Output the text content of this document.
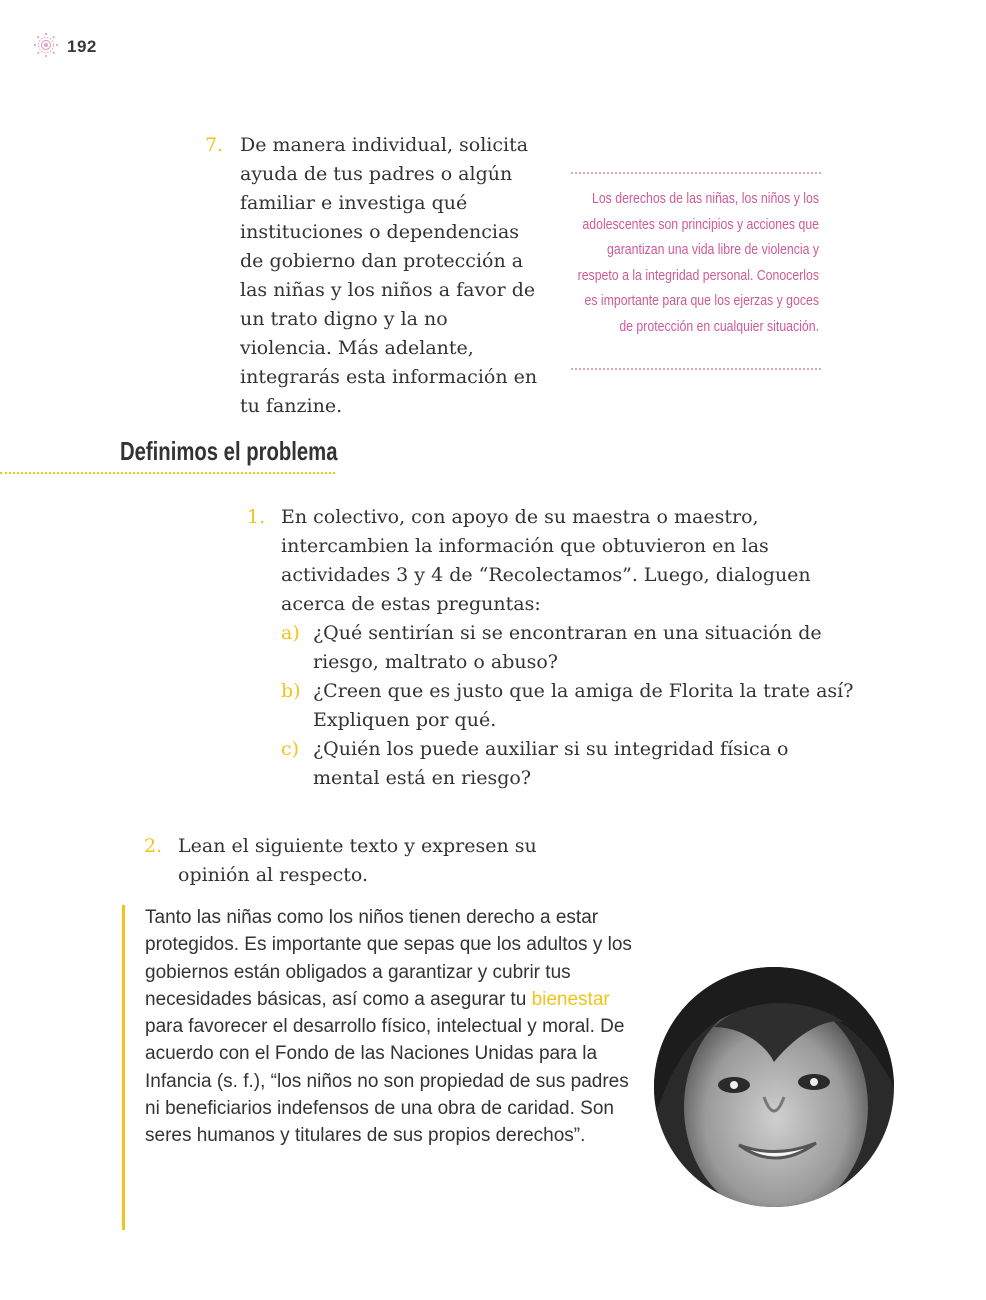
192
7. De manera individual, solicita ayuda de tus padres o algún familiar e investiga qué instituciones o dependencias de gobierno dan protección a las niñas y los niños a favor de un trato digno y la no violencia. Más adelante, integrarás esta información en tu fanzine.

Los derechos de las niñas, los niños y los adolescentes son principios y acciones que garantizan una vida libre de violencia y respeto a la integridad personal. Conocerlos es importante para que los ejerzas y goces de protección en cualquier situación.

Definimos el problema
1. En colectivo, con apoyo de su maestra o maestro, intercambien la información que obtuvieron en las actividades 3 y 4 de “Recolectamos”. Luego, dialoguen acerca de estas preguntas:
a) ¿Qué sentirían si se encontraran en una situación de riesgo, maltrato o abuso?
b) ¿Creen que es justo que la amiga de Florita la trate así? Expliquen por qué.
c) ¿Quién los puede auxiliar si su integridad física o mental está en riesgo?
2. Lean el siguiente texto y expresen su opinión al respecto.
Tanto las niñas como los niños tienen derecho a estar protegidos. Es importante que sepas que los adultos y los gobiernos están obligados a garantizar y cubrir tus necesidades básicas, así como a asegurar tu bienestar para favorecer el desarrollo físico, intelectual y moral. De acuerdo con el Fondo de las Naciones Unidas para la Infancia (s. f.), “los niños no son propiedad de sus padres ni beneficiarios indefensos de una obra de caridad. Son seres humanos y titulares de sus propios derechos”.
